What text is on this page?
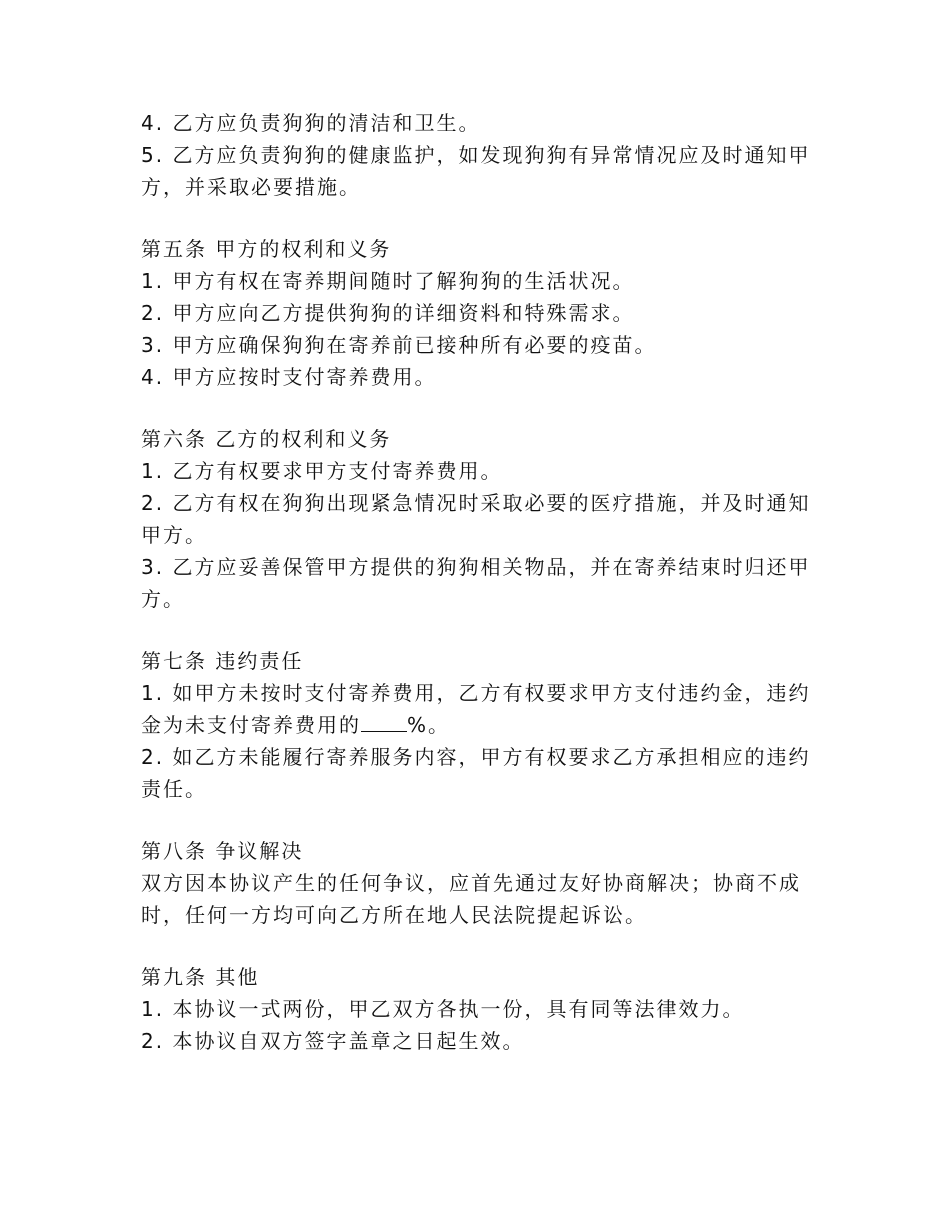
4. 乙方应负责狗狗的清洁和卫生。
5. 乙方应负责狗狗的健康监护，如发现狗狗有异常情况应及时通知甲
方，并采取必要措施。
第五条 甲方的权利和义务
1. 甲方有权在寄养期间随时了解狗狗的生活状况。
2. 甲方应向乙方提供狗狗的详细资料和特殊需求。
3. 甲方应确保狗狗在寄养前已接种所有必要的疫苗。
4. 甲方应按时支付寄养费用。
第六条 乙方的权利和义务
1. 乙方有权要求甲方支付寄养费用。
2. 乙方有权在狗狗出现紧急情况时采取必要的医疗措施，并及时通知
甲方。
3. 乙方应妥善保管甲方提供的狗狗相关物品，并在寄养结束时归还甲
方。
第七条 违约责任
1. 如甲方未按时支付寄养费用，乙方有权要求甲方支付违约金，违约
金为未支付寄养费用的 %。
2. 如乙方未能履行寄养服务内容，甲方有权要求乙方承担相应的违约
责任。
第八条 争议解决
双方因本协议产生的任何争议，应首先通过友好协商解决；协商不成
时，任何一方均可向乙方所在地人民法院提起诉讼。
第九条 其他
1. 本协议一式两份，甲乙双方各执一份，具有同等法律效力。
2. 本协议自双方签字盖章之日起生效。
